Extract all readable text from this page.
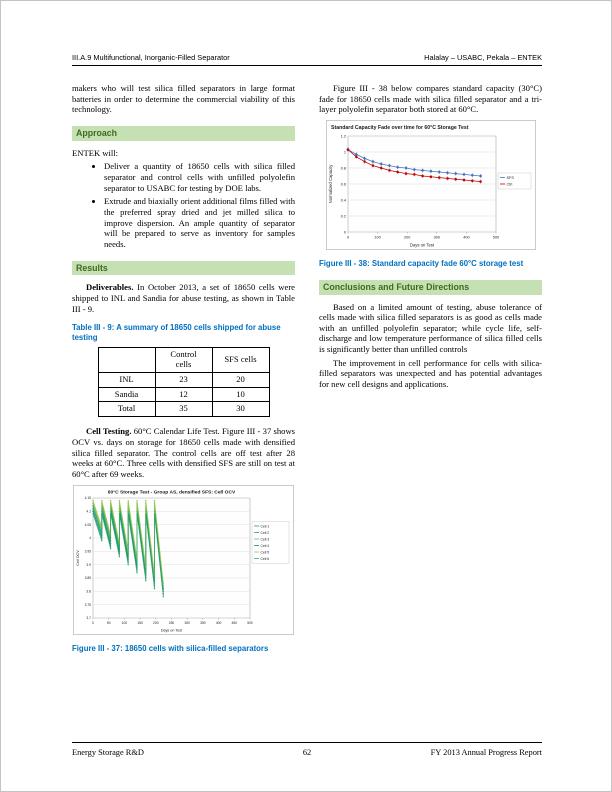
III.A.9 Multifunctional, Inorganic-Filled Separator	Halalay – USABC, Pekala – ENTEK

makers who will test silica filled separators in large format batteries in order to determine the commercial viability of this technology.

Approach

ENTEK will:

• Deliver a quantity of 18650 cells with silica filled separator and control cells with unfilled polyolefin separator to USABC for testing by DOE labs.
• Extrude and biaxially orient additional films filled with the preferred spray dried and jet milled silica to improve dispersion. An ample quantity of separator will be prepared to serve as inventory for samples needs.
Results

Deliverables. In October 2013, a set of 18650 cells were shipped to INL and Sandia for abuse testing, as shown in Table III - 9.

Table III - 9: A summary of 18650 cells shipped for abuse testing
	Control cells	SFS cells
INL	23	20
Sandia	12	10
Total	35	30

Cell Testing. 60°C Calendar Life Test. Figure III - 37 shows OCV vs. days on storage for 18650 cells made with densified silica filled separator. The control cells are off test after 28 weeks at 60°C. Three cells with densified SFS are still on test at 60°C after 69 weeks.

3.7
3.75
3.8
3.85
3.9
3.95
4
4.05
4.1
4.15
0	50	100	150	200	250	300	350	400	450	500
60°C Storage Test - Group AS, densified SFS: Cell OCV
Days on Test
Cell OCV
Cell 1
Cell 2
Cell 3
Cell 4
Cell 5
Cell 6
Figure III - 37: 18650 cells with silica-filled separators

Figure III - 38 below compares standard capacity (30°C) fade for 18650 cells made with silica filled separator and a tri-layer polyolefin separator both stored at 60°C.

0
0.2
0.4
0.6
0.8
1
1.2
0	100	200	300	400	500
Standard Capacity Fade over time for 60°C Storage Test
Days on Test
Normalized Capacity	SFS
Ctrl
Figure III - 38: Standard capacity fade 60°C storage test
Conclusions and Future Directions

Based on a limited amount of testing, abuse tolerance of cells made with silica filled separators is as good as cells made with an unfilled polyolefin separator; while cycle life, self-discharge and low temperature performance of silica filled cells is significantly better than unfilled controls

The improvement in cell performance for cells with silica- filled separators was unexpected and has potential advantages for new cell designs and applications.

Energy Storage R&D	62	FY 2013 Annual Progress Report
